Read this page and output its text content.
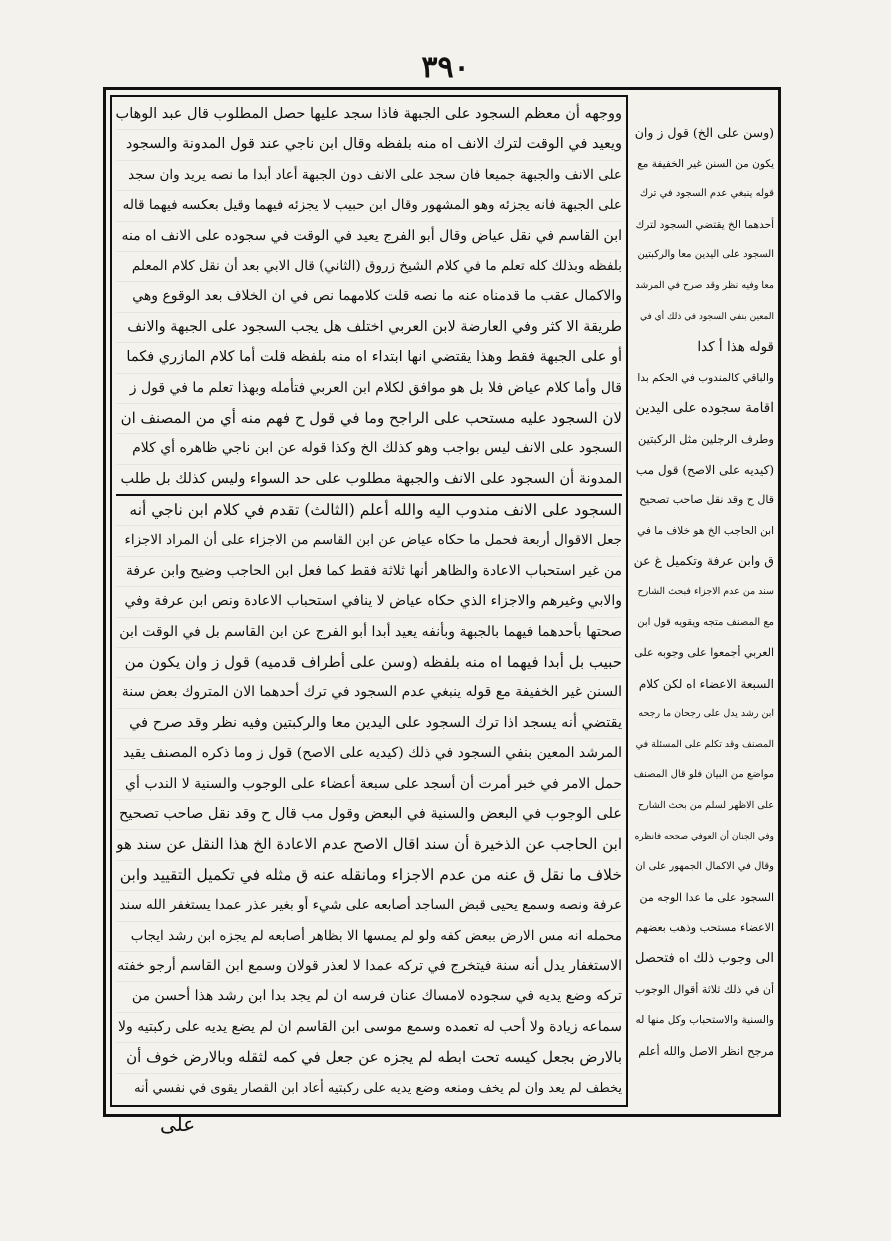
٣٩٠
ووجهه أن معظم السجود على الجبهة فاذا سجد عليها حصل المطلوب قال عبد الوهاب
ويعيد في الوقت لترك الانف اه منه بلفظه وقال ابن ناجي عند قول المدونة والسجود
على الانف والجبهة جميعا فان سجد على الانف دون الجبهة أعاد أبدا ما نصه يريد وان سجد
على الجبهة فانه يجزئه وهو المشهور وقال ابن حبيب لا يجزئه فيهما وقيل بعكسه فيهما قاله
ابن القاسم في نقل عياض وقال أبو الفرج يعيد في الوقت في سجوده على الانف اه منه
بلفظه وبذلك كله تعلم ما في كلام الشيخ زروق (الثاني) قال الابي بعد أن نقل كلام المعلم
والاكمال عقب ما قدمناه عنه ما نصه قلت كلامهما نص في ان الخلاف بعد الوقوع وهي
طريقة الا كثر وفي العارضة لابن العربي اختلف هل يجب السجود على الجبهة والانف
أو على الجبهة فقط وهذا يقتضي انها ابتداء اه منه بلفظه قلت أما كلام المازري فكما
قال وأما كلام عياض فلا بل هو موافق لكلام ابن العربي فتأمله وبهذا تعلم ما في قول ز
لان السجود عليه مستحب على الراجح وما في قول ح فهم منه أي من المصنف ان
السجود على الانف ليس بواجب وهو كذلك الخ وكذا قوله عن ابن ناجي ظاهره أي كلام
المدونة أن السجود على الانف والجبهة مطلوب على حد السواء وليس كذلك بل طلب
السجود على الانف مندوب اليه والله أعلم (الثالث) تقدم في كلام ابن ناجي أنه
جعل الاقوال أربعة فحمل ما حكاه عياض عن ابن القاسم من الاجزاء على أن المراد الاجزاء
من غير استحباب الاعادة والظاهر أنها ثلاثة فقط كما فعل ابن الحاجب وضيح وابن عرفة
والابي وغيرهم والاجزاء الذي حكاه عياض لا ينافي استحباب الاعادة ونص ابن عرفة وفي
صحتها بأحدهما فيهما بالجبهة وبأنفه يعيد أبدا أبو الفرج عن ابن القاسم بل في الوقت ابن
حبيب بل أبدا فيهما اه منه بلفظه (وسن على أطراف قدميه) قول ز وان يكون من
السنن غير الخفيفة مع قوله ينبغي عدم السجود في ترك أحدهما الان المتروك بعض سنة
يقتضي أنه يسجد اذا ترك السجود على اليدين معا والركبتين وفيه نظر وقد صرح في
المرشد المعين بنفي السجود في ذلك (كيديه على الاصح) قول ز وما ذكره المصنف يقيد
حمل الامر في خبر أمرت أن أسجد على سبعة أعضاء على الوجوب والسنية لا الندب أي
على الوجوب في البعض والسنية في البعض وقول مب قال ح وقد نقل صاحب تصحيح
ابن الحاجب عن الذخيرة أن سند اقال الاصح عدم الاعادة الخ هذا النقل عن سند هو
خلاف ما نقل ق عنه من عدم الاجزاء ومانقله عنه ق مثله في تكميل التقييد وابن
عرفة ونصه وسمع يحيى قبض الساجد أصابعه على شيء أو بغير عذر عمدا يستغفر الله سند
محمله انه مس الارض ببعض كفه ولو لم يمسها الا بظاهر أصابعه لم يجزه ابن رشد ايجاب
الاستغفار يدل أنه سنة فيتخرج في تركه عمدا لا لعذر قولان وسمع ابن القاسم أرجو خفته
تركه وضع يديه في سجوده لامساك عنان فرسه ان لم يجد بدا ابن رشد هذا أحسن من
سماعه زيادة ولا أحب له تعمده وسمع موسى ابن القاسم ان لم يضع يديه على ركبتيه ولا
بالارض بجعل كيسه تحت ابطه لم يجزه عن جعل في كمه لثقله وبالارض خوف أن
يخطف لم يعد وان لم يخف ومنعه وضع يديه على ركبتيه أعاد ابن القصار يقوى في نفسي أنه
(وسن على الخ) قول ز وان
يكون من السنن غير الخفيفة مع
قوله ينبغي عدم السجود في ترك
أحدهما الخ يقتضي السجود لترك
السجود على اليدين معا والركبتين
معا وفيه نظر وقد صرح في المرشد
المعين بنفي السجود في ذلك أي في
قوله هذا أ كدا
والباقي كالمندوب في الحكم بدا
اقامة سجوده على اليدين
وطرف الرجلين مثل الركبتين
(كيديه على الاصح) قول مب
قال ح وقد نقل صاحب تصحيح
ابن الحاجب الخ هو خلاف ما في
ق وابن عرفة وتكميل غ عن
سند من عدم الاجزاء فبحث الشارح
مع المصنف متجه ويقويه قول ابن
العربي أجمعوا على وجوبه على
السبعة الاعضاء اه لكن كلام
ابن رشد يدل على رجحان ما رجحه
المصنف وقد تكلم على المسئلة في
مواضع من البيان فلو قال المصنف
على الاظهر لسلم من بحث الشارح
وفي الجنان أن العوفي صححه فانظره
وقال في الاكمال الجمهور على ان
السجود على ما عدا الوجه من
الاعضاء مستحب وذهب بعضهم
الى وجوب ذلك اه فتحصل
أن في ذلك ثلاثة أقوال الوجوب
والسنية والاستحباب وكل منها له
مرجح انظر الاصل والله أعلم
على
